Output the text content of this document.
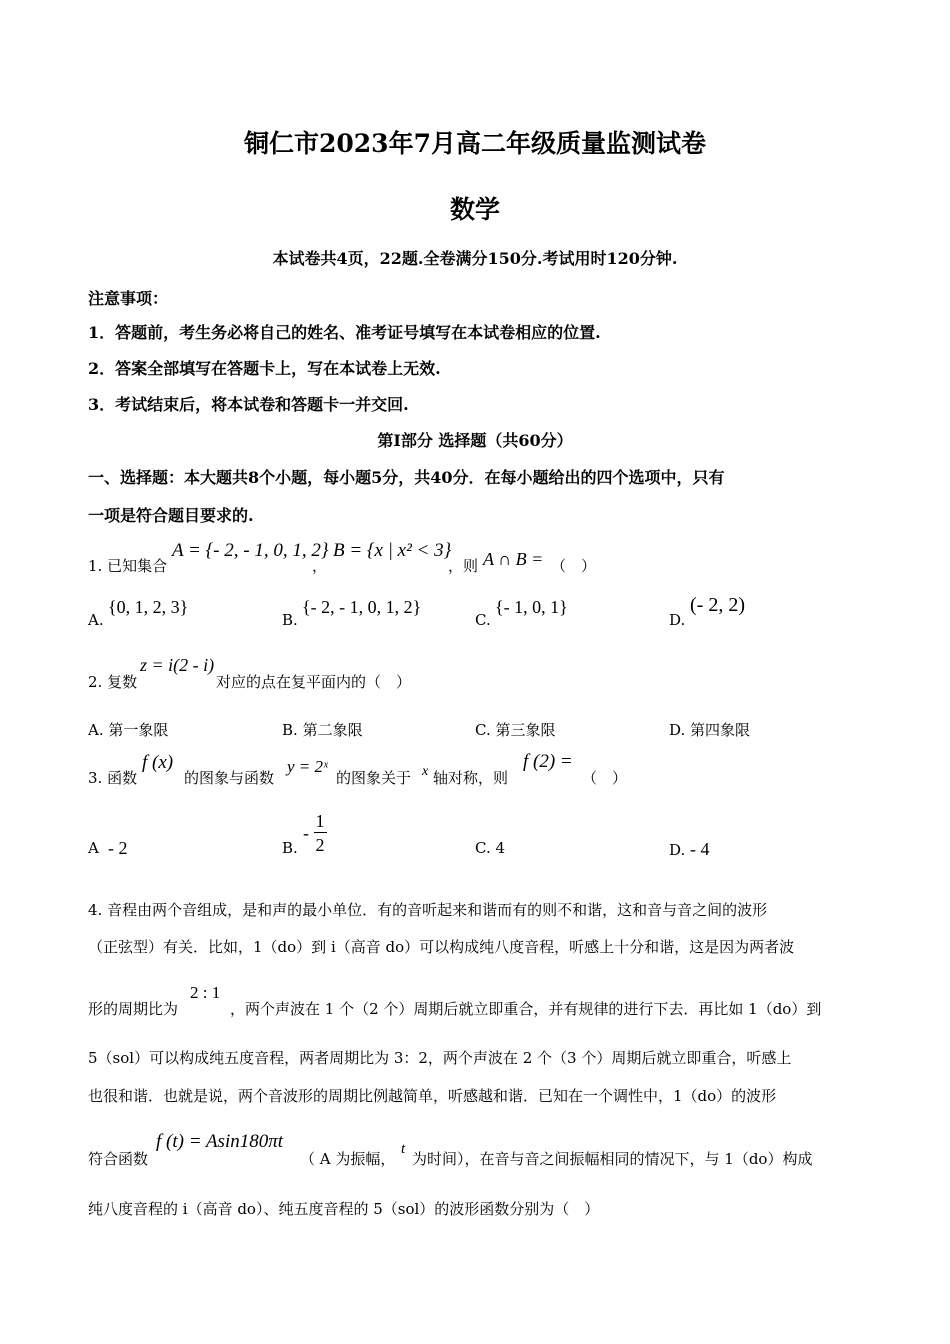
铜仁市2023年7月高二年级质量监测试卷
数学
本试卷共4页，22题.全卷满分150分.考试用时120分钟.
注意事项：
1．答题前，考生务必将自己的姓名、准考证号填写在本试卷相应的位置.
2．答案全部填写在答题卡上，写在本试卷上无效.
3．考试结束后，将本试卷和答题卡一并交回.
第I部分 选择题（共60分）
一、选择题：本大题共8个小题，每小题5分，共40分．在每小题给出的四个选项中，只有
一项是符合题目要求的.
1. 已知集合
A = {- 2, - 1, 0, 1, 2}
，
B = {x | x² < 3}
，则 A ∩ B = （　）
A.
{0, 1, 2, 3}
B.
{- 2, - 1, 0, 1, 2}
C.
{- 1, 0, 1}
D.
(- 2, 2)
2. 复数
z = i(2 - i)
对应的点在复平面内的（　）
A. 第一象限	B. 第二象限	C. 第三象限	D. 第四象限
3. 函数
f (x)
的图象与函数
y = 2ˣ
的图象关于 x 轴对称，则
f (2) =
（　）
A - 2	B.
- $\frac{1}{2}$	C. 4	D. - 4
4. 音程由两个音组成，是和声的最小单位．有的音听起来和谐而有的则不和谐，这和音与音之间的波形
（正弦型）有关．比如，1（do）到 i（高音 do）可以构成纯八度音程，听感上十分和谐，这是因为两者波
2 : 1
形的周期比为	，两个声波在 1 个（2 个）周期后就立即重合，并有规律的进行下去．再比如 1（do）到
5（sol）可以构成纯五度音程，两者周期比为 3：2，两个声波在 2 个（3 个）周期后就立即重合，听感上
也很和谐．也就是说，两个音波形的周期比例越简单，听感越和谐．已知在一个调性中，1（do）的波形
符合函数
f (t) = Asin180πt
（ A 为振幅，
t
为时间），在音与音之间振幅相同的情况下，与 1（do）构成
纯八度音程的 i（高音 do）、纯五度音程的 5（sol）的波形函数分别为（　）
